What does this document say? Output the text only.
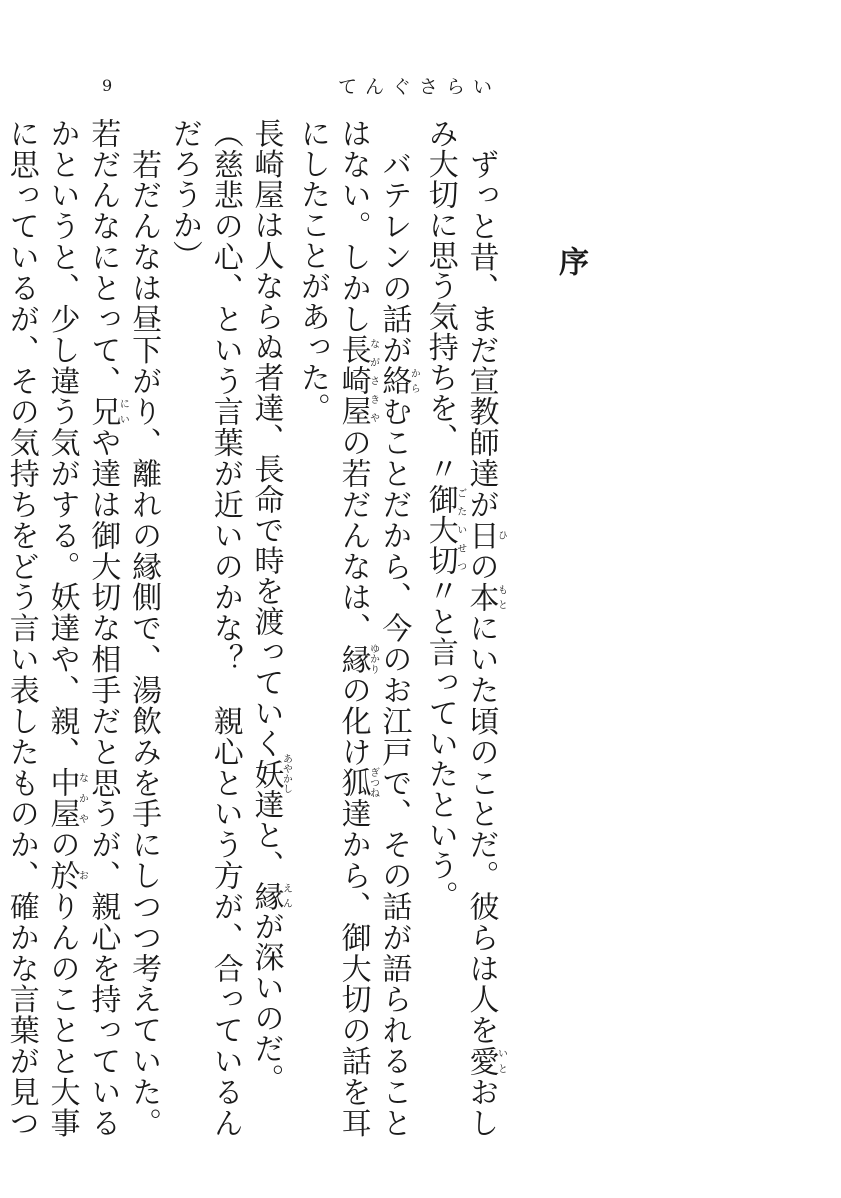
9	てんぐさらい
序

　ずっと昔、まだ宣教師達が日ひの本もとにいた頃のことだ。彼らは人を愛いとおしみ大切に思う気持ちを、〃御大切ごたいせつ〃と言っていたという。

　バテレンの話が絡からむことだから、今のお江戸で、その話が語られることはない。しかし長崎屋ながさきやの若だんなは、縁ゆかりの化け狐ぎつね達から、御大切の話を耳にしたことがあった。

長崎屋は人ならぬ者達、長命で時を渡っていく妖あやかし達と、縁えんが深いのだ。

（慈悲の心、という言葉が近いのかな？　親心という方が、合っているんだろうか）

　若だんなは昼下がり、離れの縁側で、湯飲みを手にしつつ考えていた。若だんなにとって、兄にいや達は御大切な相手だと思うが、親心を持っているかというと、少し違う気がする。妖達や、親、中屋なかやの於おりんのことと大事に思っているが、その気持ちをどう言い表したものか、確かな言葉が見つ
